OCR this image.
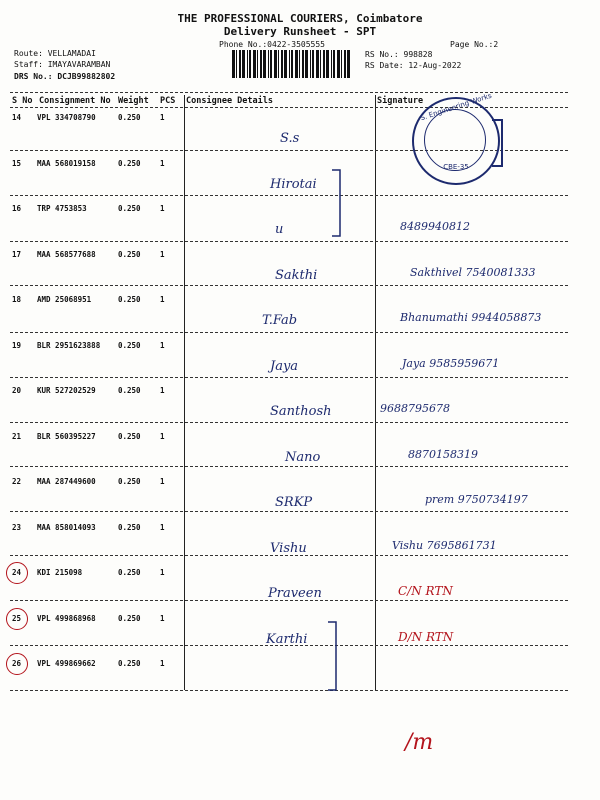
THE PROFESSIONAL COURIERS, Coimbatore
Delivery Runsheet - SPT
Phone No.:0422-3505555	Page No.:2
Route: VELLAMADAI
Staff: IMAYAVARAMBAN
DRS No.: DCJB99882802
RS No.: 998828
RS Date: 12-Aug-2022
S No Consignment No Weight PCS Consignee Details	Signature
14 VPL 334708790	0.250	1
S.s
15 MAA 568019158	0.250	1
Hirotai
16 TRP 4753853	0.250	1
u	8489940812
17 MAA 568577688	0.250	1
Sakthi	Sakthivel 7540081333
18 AMD 25068951	0.250	1
T.Fab	Bhanumathi 9944058873
19 BLR 2951623888 0.250	1
Jaya	Jaya 9585959671
20 KUR 527202529	0.250	1
Santhosh	9688795678
21 BLR 560395227	0.250	1
Nano	8870158319
22 MAA 287449600	0.250	1
SRKP	prem 9750734197
23 MAA 858014093	0.250	1
Vishu	Vishu 7695861731
24 KDI 215098	0.250	1
Praveen	C/N RTN
25 VPL 499868968	0.250	1
Karthi	D/N RTN
26 VPL 499869662	0.250	1
S. Engineering Works
CBE-35
/m
